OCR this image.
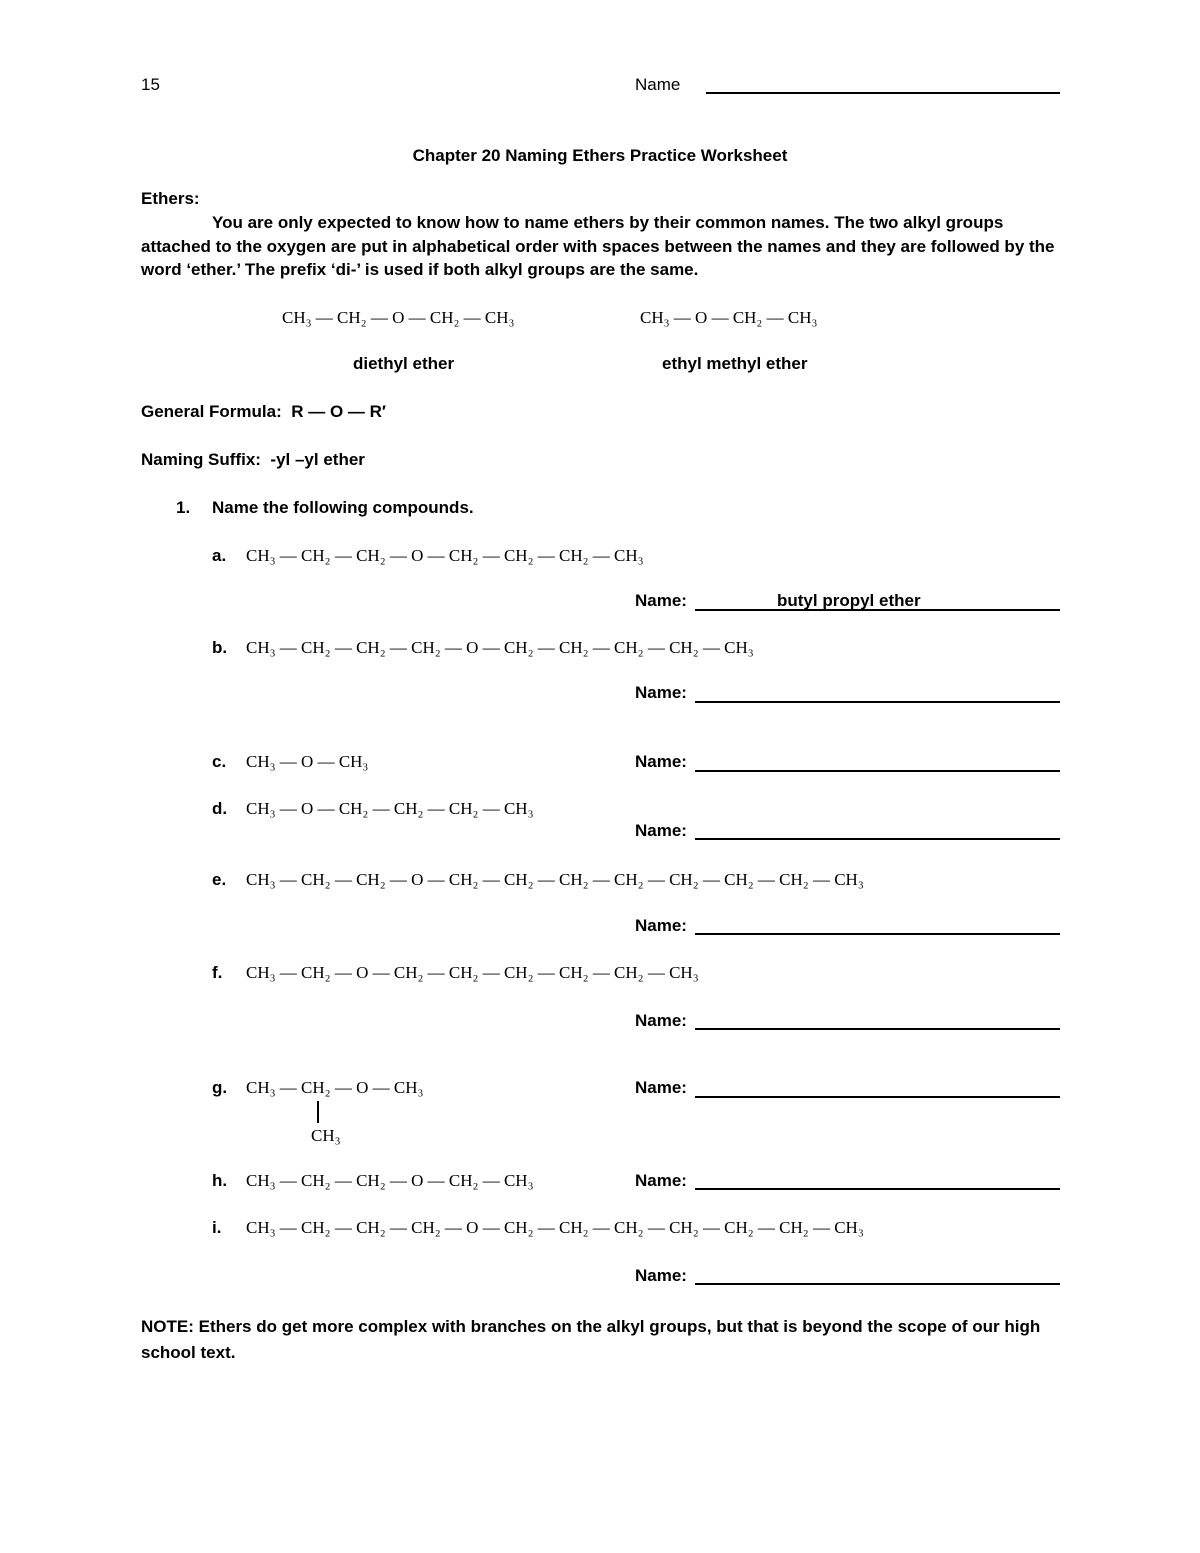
15	Name
Chapter 20 Naming Ethers Practice Worksheet
Ethers:
You are only expected to know how to name ethers by their common names. The two alkyl groups attached to the oxygen are put in alphabetical order with spaces between the names and they are followed by the word ‘ether.’ The prefix ‘di-’ is used if both alkyl groups are the same.
CH₃ — CH₂ — O — CH₂ — CH₃
diethyl ether
CH₃ — O — CH₂ — CH₃
ethyl methyl ether
General Formula: R — O — R′
Naming Suffix: -yl –yl ether
1. Name the following compounds.
a. CH₃ — CH₂ — CH₂ — O — CH₂ — CH₂ — CH₂ — CH₃
Name:	butyl propyl ether
b. CH₃ — CH₂ — CH₂ — CH₂ — O — CH₂ — CH₂ — CH₂ — CH₂ — CH₃
Name:
c. CH₃ — O — CH₃	Name:
d. CH₃ — O — CH₂ — CH₂ — CH₂ — CH₃
Name:
e. CH₃ — CH₂ — CH₂ — O — CH₂ — CH₂ — CH₂ — CH₂ — CH₂ — CH₂ — CH₂ — CH₃
Name:
f. CH₃ — CH₂ — O — CH₂ — CH₂ — CH₂ — CH₂ — CH₂ — CH₃
Name:
g. CH₃ — CH₂ — O — CH₃
CH₃
Name:
h. CH₃ — CH₂ — CH₂ — O — CH₂ — CH₃	Name:
i. CH₃ — CH₂ — CH₂ — CH₂ — O — CH₂ — CH₂ — CH₂ — CH₂ — CH₂ — CH₂ — CH₃
Name:
NOTE: Ethers do get more complex with branches on the alkyl groups, but that is beyond the scope of our high school text.
